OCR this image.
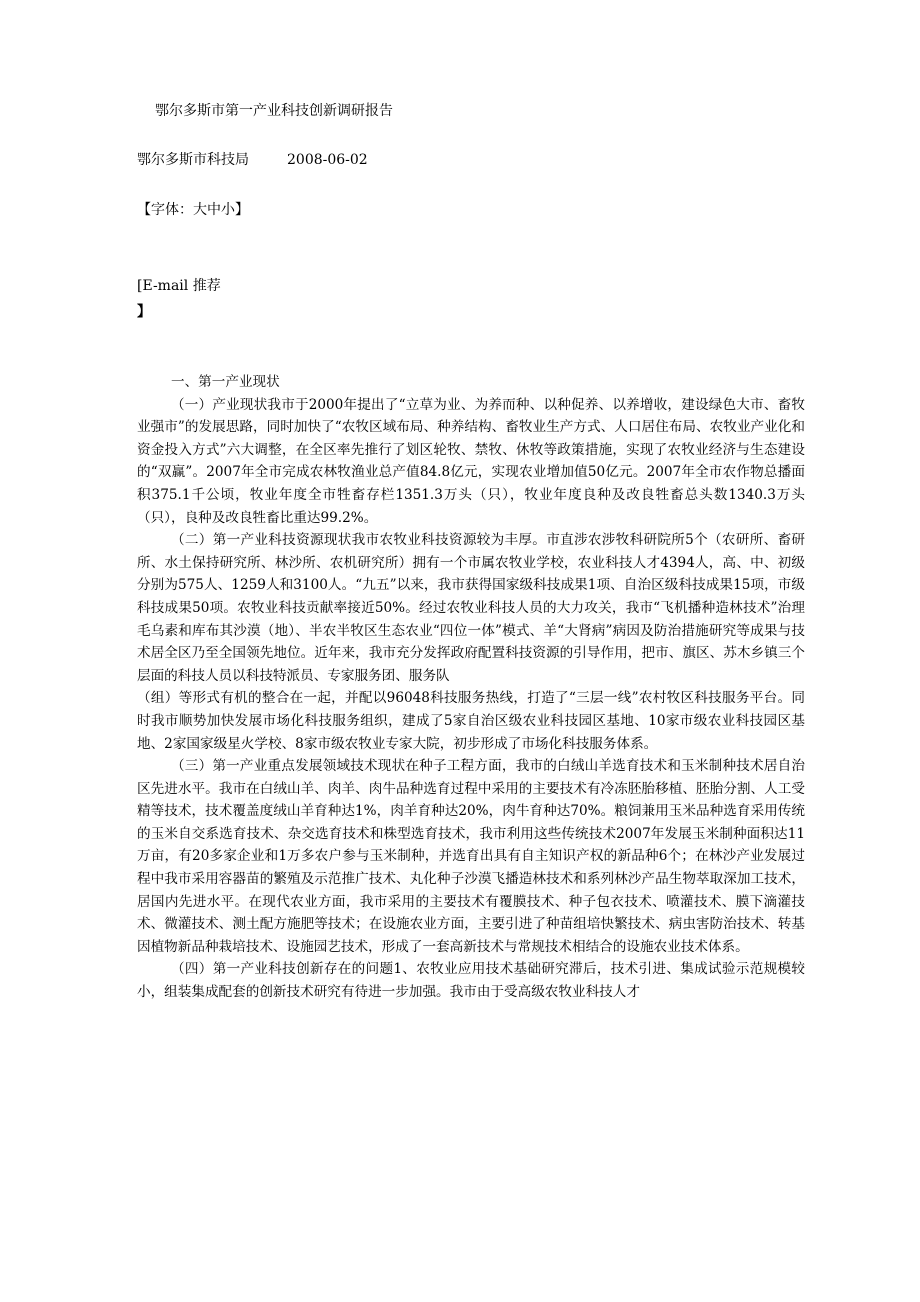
鄂尔多斯市第一产业科技创新调研报告
鄂尔多斯市科技局	2008-06-02
【字体：大中小】
[E-mail 推荐
】

一、第一产业现状

（一）产业现状我市于2000年提出了“立草为业、为养而种、以种促养、以养增收，建设绿色大市、畜牧业强市”的发展思路，同时加快了“农牧区域布局、种养结构、畜牧业生产方式、人口居住布局、农牧业产业化和资金投入方式”六大调整，在全区率先推行了划区轮牧、禁牧、休牧等政策措施，实现了农牧业经济与生态建设的“双赢”。2007年全市完成农林牧渔业总产值84.8亿元，实现农业增加值50亿元。2007年全市农作物总播面积375.1千公顷，牧业年度全市牲畜存栏1351.3万头（只），牧业年度良种及改良牲畜总头数1340.3万头（只），良种及改良牲畜比重达99.2%。

（二）第一产业科技资源现状我市农牧业科技资源较为丰厚。市直涉农涉牧科研院所5个（农研所、畜研所、水土保持研究所、林沙所、农机研究所）拥有一个市属农牧业学校，农业科技人才4394人，高、中、初级分别为575人、1259人和3100人。“九五”以来，我市获得国家级科技成果1项、自治区级科技成果15项，市级科技成果50项。农牧业科技贡献率接近50%。经过农牧业科技人员的大力攻关，我市“飞机播种造林技术”治理毛乌素和库布其沙漠（地）、半农半牧区生态农业“四位一体”模式、羊“大肾病”病因及防治措施研究等成果与技术居全区乃至全国领先地位。近年来，我市充分发挥政府配置科技资源的引导作用，把市、旗区、苏木乡镇三个层面的科技人员以科技特派员、专家服务团、服务队

（组）等形式有机的整合在一起，并配以96048科技服务热线，打造了“三层一线”农村牧区科技服务平台。同时我市顺势加快发展市场化科技服务组织，建成了5家自治区级农业科技园区基地、10家市级农业科技园区基地、2家国家级星火学校、8家市级农牧业专家大院，初步形成了市场化科技服务体系。

（三）第一产业重点发展领域技术现状在种子工程方面，我市的白绒山羊选育技术和玉米制种技术居自治区先进水平。我市在白绒山羊、肉羊、肉牛品种选育过程中采用的主要技术有冷冻胚胎移植、胚胎分割、人工受精等技术，技术覆盖度绒山羊育种达1%，肉羊育种达20%，肉牛育种达70%。粮饲兼用玉米品种选育采用传统的玉米自交系选育技术、杂交选育技术和株型选育技术，我市利用这些传统技术2007年发展玉米制种面积达11万亩，有20多家企业和1万多农户参与玉米制种，并选育出具有自主知识产权的新品种6个；在林沙产业发展过程中我市采用容器苗的繁殖及示范推广技术、丸化种子沙漠飞播造林技术和系列林沙产品生物萃取深加工技术，居国内先进水平。在现代农业方面，我市采用的主要技术有覆膜技术、种子包衣技术、喷灌技术、膜下滴灌技术、微灌技术、测土配方施肥等技术；在设施农业方面，主要引进了种苗组培快繁技术、病虫害防治技术、转基因植物新品种栽培技术、设施园艺技术，形成了一套高新技术与常规技术相结合的设施农业技术体系。

（四）第一产业科技创新存在的问题1、农牧业应用技术基础研究滞后，技术引进、集成试验示范规模较小，组装集成配套的创新技术研究有待进一步加强。我市由于受高级农牧业科技人才
